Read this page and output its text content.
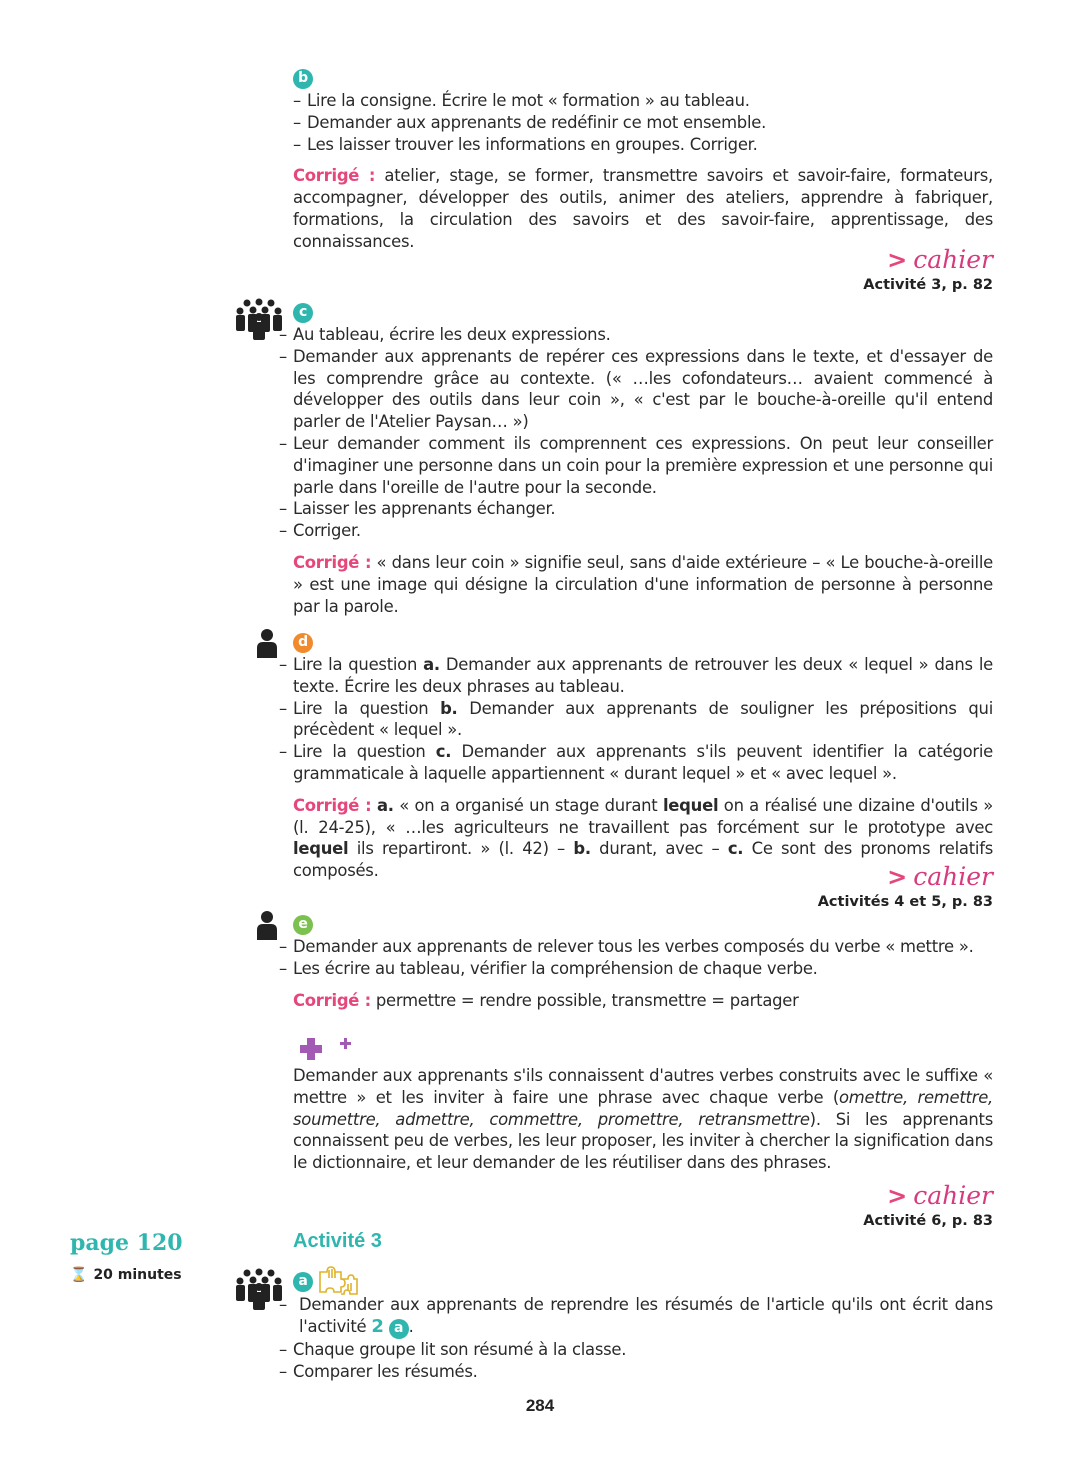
b
– Lire la consigne. Écrire le mot « formation » au tableau.
– Demander aux apprenants de redéfinir ce mot ensemble.
– Les laisser trouver les informations en groupes. Corriger.

Corrigé : atelier, stage, se former, transmettre savoirs et savoir-faire, formateurs, accompagner, développer des outils, animer des ateliers, apprendre à fabriquer, formations, la circulation des savoirs et des savoir-faire, apprentissage, des connaissances.

> cahier
Activité 3, p. 82
c
– Au tableau, écrire les deux expressions.
– Demander aux apprenants de repérer ces expressions dans le texte, et d'essayer de les comprendre grâce au contexte. (« …les cofondateurs… avaient commencé à développer des outils dans leur coin », « c'est par le bouche-à-oreille qu'il entend parler de l'Atelier Paysan… »)
– Leur demander comment ils comprennent ces expressions. On peut leur conseiller d'imaginer une personne dans un coin pour la première expression et une personne qui parle dans l'oreille de l'autre pour la seconde.
– Laisser les apprenants échanger.
– Corriger.

Corrigé : « dans leur coin » signifie seul, sans d'aide extérieure – « Le bouche-à-oreille » est une image qui désigne la circulation d'une information de personne à personne par la parole.

d
– Lire la question a. Demander aux apprenants de retrouver les deux « lequel » dans le texte. Écrire les deux phrases au tableau.
– Lire la question b. Demander aux apprenants de souligner les prépositions qui précèdent « lequel ».
– Lire la question c. Demander aux apprenants s'ils peuvent identifier la catégorie grammaticale à laquelle appartiennent « durant lequel » et « avec lequel ».

Corrigé : a. « on a organisé un stage durant lequel on a réalisé une dizaine d'outils » (l. 24-25), « …les agriculteurs ne travaillent pas forcément sur le prototype avec lequel ils repartiront. » (l. 42) – b. durant, avec – c. Ce sont des pronoms relatifs composés.	> cahier
Activités 4 et 5, p. 83
e
– Demander aux apprenants de relever tous les verbes composés du verbe « mettre ».
– Les écrire au tableau, vérifier la compréhension de chaque verbe.

Corrigé : permettre = rendre possible, transmettre = partager

Demander aux apprenants s'ils connaissent d'autres verbes construits avec le suffixe « mettre » et les inviter à faire une phrase avec chaque verbe (omettre, remettre, soumettre, admettre, commettre, promettre, retransmettre). Si les apprenants connaissent peu de verbes, les leur proposer, les inviter à chercher la signification dans le dictionnaire, et leur demander de les réutiliser dans des phrases.
> cahier
Activité 6, p. 83
page 120
⌛ 20 minutes
Activité 3
a
– Demander aux apprenants de reprendre les résumés de l'article qu'ils ont écrit dans l'activité 2 a .
– Chaque groupe lit son résumé à la classe.
– Comparer les résumés.
284
